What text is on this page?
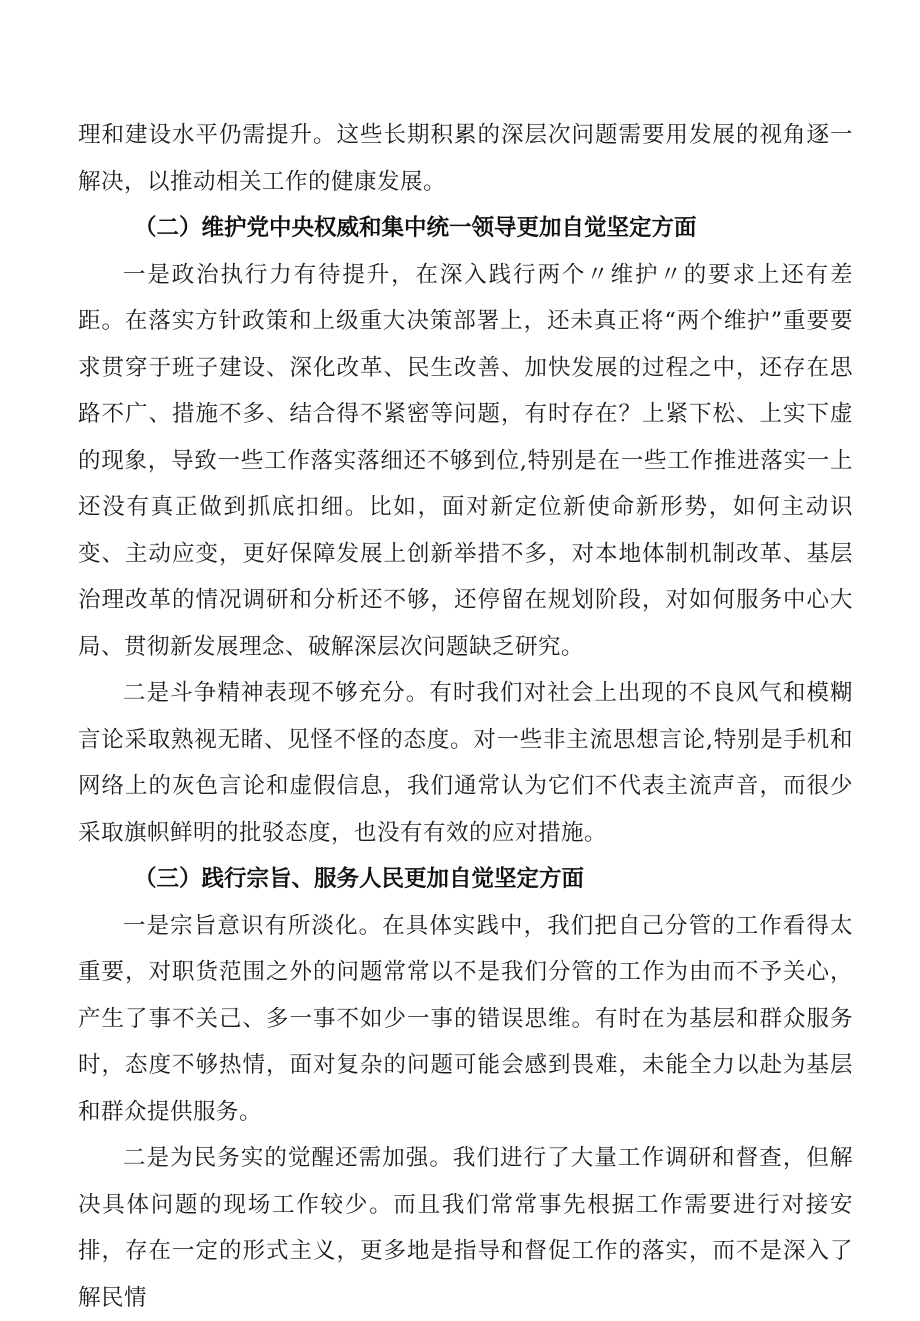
理和建设水平仍需提升。这些长期积累的深层次问题需要用发展的视角逐一解决，以推动相关工作的健康发展。

（二）维护党中央权威和集中统一领导更加自觉坚定方面

一是政治执行力有待提升，在深入践行两个〃维护〃的要求上还有差距。在落实方针政策和上级重大决策部署上，还未真正将“两个维护”重要要求贯穿于班子建设、深化改革、民生改善、加快发展的过程之中，还存在思路不广、措施不多、结合得不紧密等问题，有时存在？上紧下松、上实下虚的现象，导致一些工作落实落细还不够到位,特别是在一些工作推进落实一上还没有真正做到抓底扣细。比如，面对新定位新使命新形势，如何主动识变、主动应变，更好保障发展上创新举措不多，对本地体制机制改革、基层治理改革的情况调研和分析还不够，还停留在规划阶段，对如何服务中心大局、贯彻新发展理念、破解深层次问题缺乏研究。

二是斗争精神表现不够充分。有时我们对社会上出现的不良风气和模糊言论采取熟视无睹、见怪不怪的态度。对一些非主流思想言论,特别是手机和网络上的灰色言论和虚假信息，我们通常认为它们不代表主流声音，而很少采取旗帜鲜明的批驳态度，也没有有效的应对措施。

（三）践行宗旨、服务人民更加自觉坚定方面

一是宗旨意识有所淡化。在具体实践中，我们把自己分管的工作看得太重要，对职货范围之外的问题常常以不是我们分管的工作为由而不予关心，产生了事不关己、多一事不如少一事的错误思维。有时在为基层和群众服务时，态度不够热情，面对复杂的问题可能会感到畏难，未能全力以赴为基层和群众提供服务。

二是为民务实的觉醒还需加强。我们进行了大量工作调研和督查，但解决具体问题的现场工作较少。而且我们常常事先根据工作需要进行对接安排，存在一定的形式主义，更多地是指导和督促工作的落实，而不是深入了解民情
